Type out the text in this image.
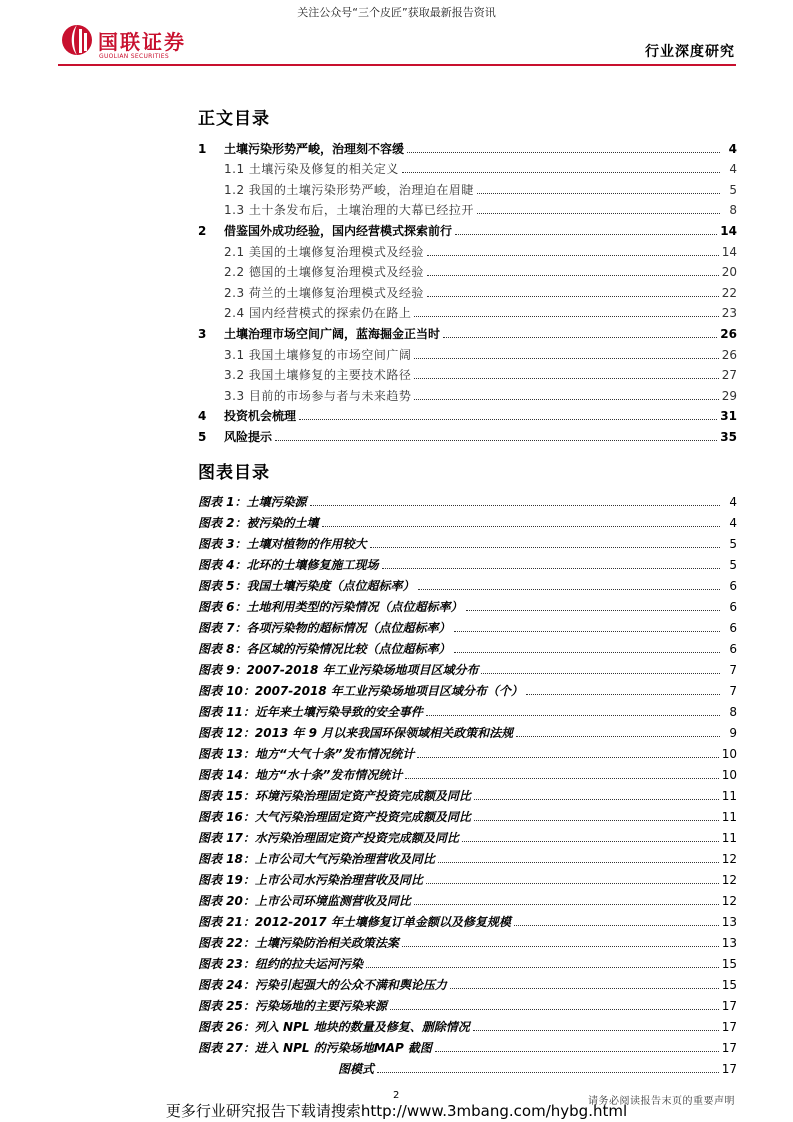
关注公众号“三个皮匠”获取最新报告资讯
国联证券
GUOLIAN SECURITIES	行业深度研究
正文目录
1	土壤污染形势严峻，治理刻不容缓	4
1.1 土壤污染及修复的相关定义	4
1.2 我国的土壤污染形势严峻，治理迫在眉睫	5
1.3 土十条发布后，土壤治理的大幕已经拉开	8
2	借鉴国外成功经验，国内经营模式探索前行	14
2.1 美国的土壤修复治理模式及经验	14
2.2 德国的土壤修复治理模式及经验	20
2.3 荷兰的土壤修复治理模式及经验	22
2.4 国内经营模式的探索仍在路上	23
3	土壤治理市场空间广阔，蓝海掘金正当时	26
3.1 我国土壤修复的市场空间广阔	26
3.2 我国土壤修复的主要技术路径	27
3.3 目前的市场参与者与未来趋势	29
4	投资机会梳理	31
5	风险提示	35
图表目录
图表 1：土壤污染源	4
图表 2：被污染的土壤	4
图表 3：土壤对植物的作用较大	5
图表 4：北环的土壤修复施工现场	5
图表 5：我国土壤污染度（点位超标率）	6
图表 6：土地利用类型的污染情况（点位超标率）	6
图表 7：各项污染物的超标情况（点位超标率）	6
图表 8：各区域的污染情况比较（点位超标率）	6
图表 9：2007-2018 年工业污染场地项目区域分布	7
图表 10：2007-2018 年工业污染场地项目区域分布（个）	7
图表 11：近年来土壤污染导致的安全事件	8
图表 12：2013 年 9 月以来我国环保领域相关政策和法规	9
图表 13：地方“大气十条”发布情况统计	10
图表 14：地方“水十条”发布情况统计	10
图表 15：环境污染治理固定资产投资完成额及同比	11
图表 16：大气污染治理固定资产投资完成额及同比	11
图表 17：水污染治理固定资产投资完成额及同比	11
图表 18：上市公司大气污染治理营收及同比	12
图表 19：上市公司水污染治理营收及同比	12
图表 20：上市公司环境监测营收及同比	12
图表 21：2012-2017 年土壤修复订单金额以及修复规模	13
图表 22：土壤污染防治相关政策法案	13
图表 23：纽约的拉夫运河污染	15
图表 24：污染引起强大的公众不满和舆论压力	15
图表 25：污染场地的主要污染来源	17
图表 26：列入 NPL 地块的数量及修复、删除情况	17
图表 27：进入 NPL 的污染场地MAP 截图	17
图模式	17
2
请务必阅读报告末页的重要声明
更多行业研究报告下载请搜索http://www.3mbang.com/hybg.html
